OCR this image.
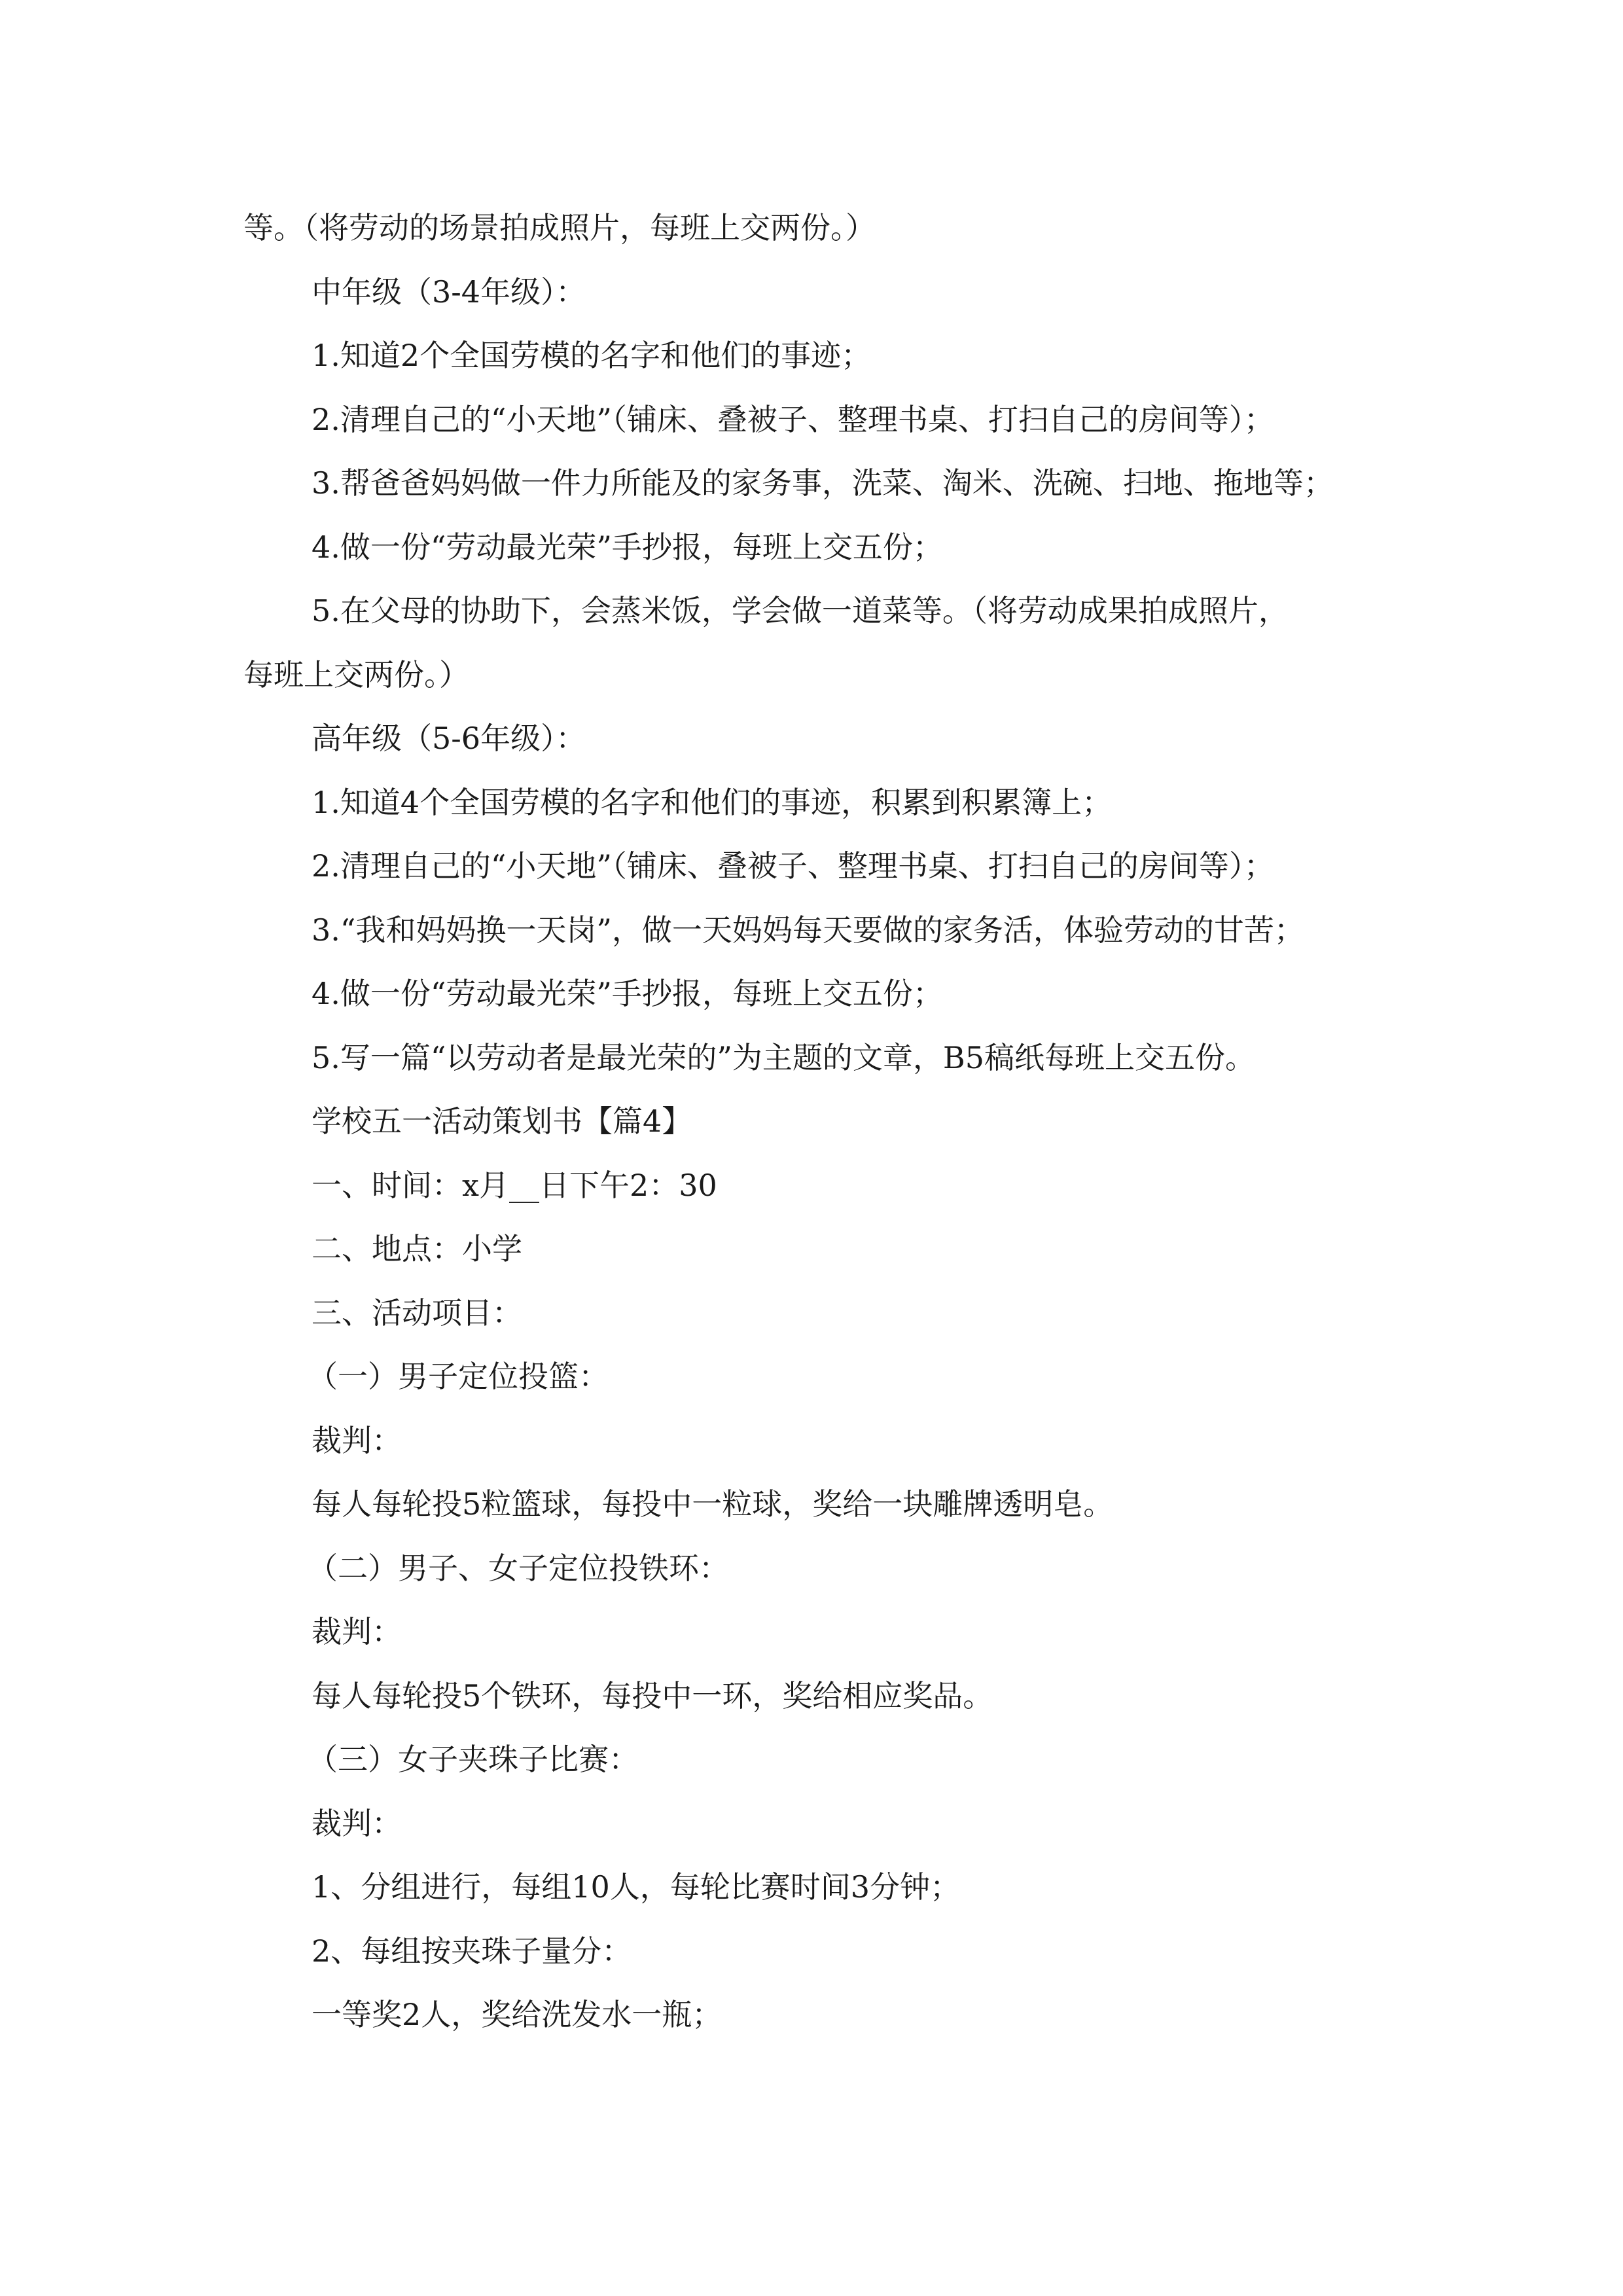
等。（将劳动的场景拍成照片，每班上交两份。）
中年级（3-4年级）：
1.知道2个全国劳模的名字和他们的事迹；
2.清理自己的“小天地”（铺床、叠被子、整理书桌、打扫自己的房间等）；
3.帮爸爸妈妈做一件力所能及的家务事，洗菜、淘米、洗碗、扫地、拖地等；
4.做一份“劳动最光荣”手抄报，每班上交五份；
5.在父母的协助下，会蒸米饭，学会做一道菜等。（将劳动成果拍成照片，
每班上交两份。）
高年级（5-6年级）：
1.知道4个全国劳模的名字和他们的事迹，积累到积累簿上；
2.清理自己的“小天地”（铺床、叠被子、整理书桌、打扫自己的房间等）；
3.“我和妈妈换一天岗”，做一天妈妈每天要做的家务活，体验劳动的甘苦；
4.做一份“劳动最光荣”手抄报，每班上交五份；
5.写一篇“以劳动者是最光荣的”为主题的文章，B5稿纸每班上交五份。
学校五一活动策划书【篇4】
一、时间：x月__日下午2：30
二、地点：小学
三、活动项目：
（一）男子定位投篮：
裁判：
每人每轮投5粒篮球，每投中一粒球，奖给一块雕牌透明皂。
（二）男子、女子定位投铁环：
裁判：
每人每轮投5个铁环，每投中一环，奖给相应奖品。
（三）女子夹珠子比赛：
裁判：
1、分组进行，每组10人，每轮比赛时间3分钟；
2、每组按夹珠子量分：
一等奖2人，奖给洗发水一瓶；
